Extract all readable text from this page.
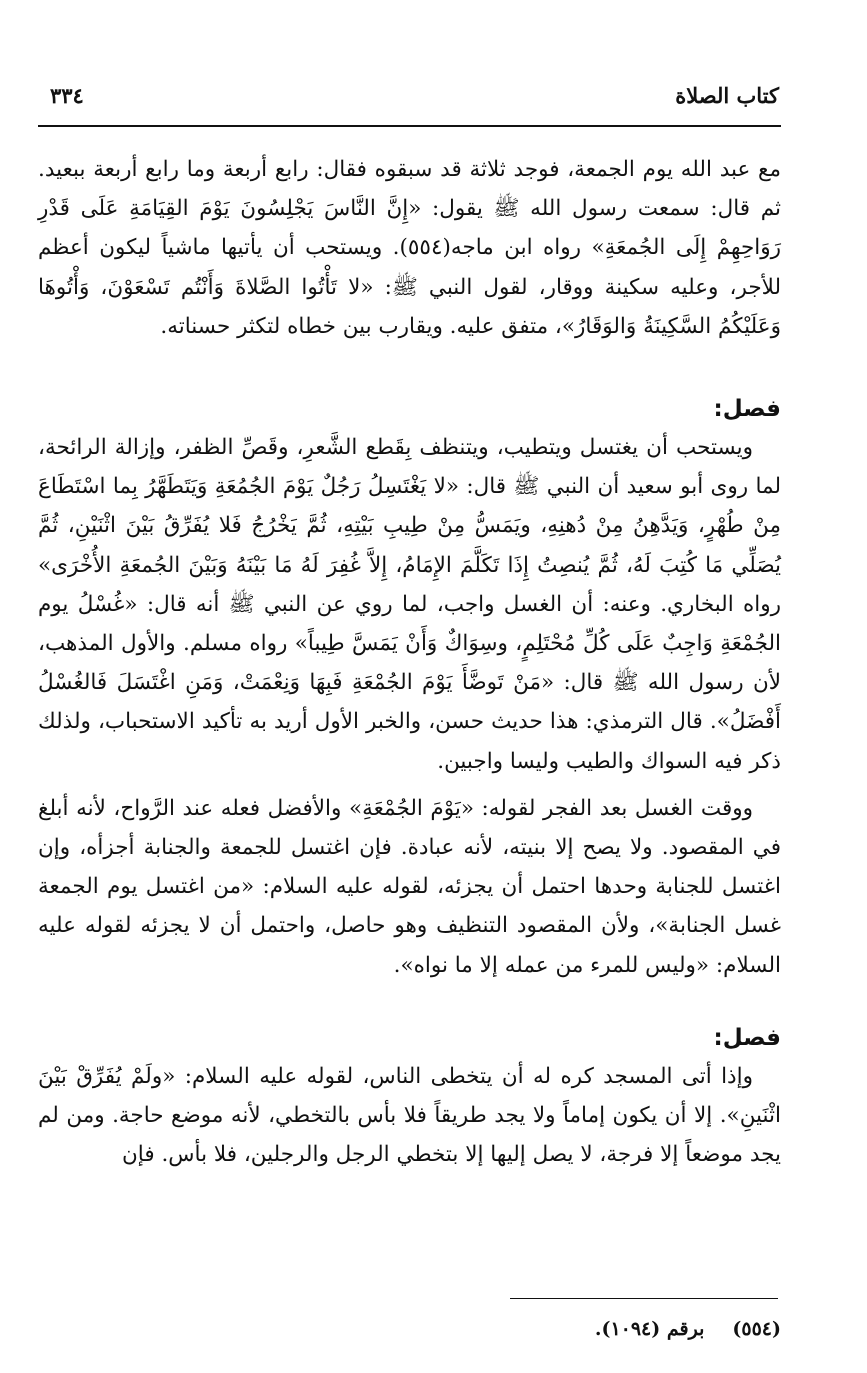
كتاب الصلاة
٣٣٤

مع عبد الله يوم الجمعة، فوجد ثلاثة قد سبقوه فقال: رابع أربعة وما رابع أربعة ببعيد. ثم قال: سمعت رسول الله ﷺ يقول: «إِنَّ النَّاسَ يَجْلِسُونَ يَوْمَ القِيَامَةِ عَلَى قَدْرِ رَوَاحِهِمْ إِلَى الجُمعَةِ» رواه ابن ماجه(٥٥٤). ويستحب أن يأتيها ماشياً ليكون أعظم للأجر، وعليه سكينة ووقار، لقول النبي ﷺ: «لا تَأْتُوا الصَّلاةَ وَأَنْتُم تَسْعَوْنَ، وَأْتُوهَا وَعَلَيْكُمُ السَّكِينَةُ وَالوَقَارُ»، متفق عليه. ويقارب بين خطاه لتكثر حسناته.

فصل:

ويستحب أن يغتسل ويتطيب، ويتنظف بِقَطع الشَّعرِ، وقَصِّ الظفر، وإزالة الرائحة، لما روى أبو سعيد أن النبي ﷺ قال: «لا يَغْتَسِلُ رَجُلٌ يَوْمَ الجُمُعَةِ وَيَتَطَهَّرُ بِما اسْتَطَاعَ مِنْ طُهْرٍ، وَيَدَّهِنُ مِنْ دُهنِهِ، ويَمَسُّ مِنْ طِيبِ بَيْتِهِ، ثُمَّ يَخْرُجُ فَلا يُفَرِّقُ بَيْنَ اثْنَيْنِ، ثُمَّ يُصَلِّي مَا كُتِبَ لَهُ، ثُمَّ يُنصِتُ إِذَا تَكَلَّمَ الإِمَامُ، إِلاَّ غُفِرَ لَهُ مَا بَيْنَهُ وَبَيْنَ الجُمعَةِ الأُخْرَى» رواه البخاري. وعنه: أن الغسل واجب، لما روي عن النبي ﷺ أنه قال: «غُسْلُ يوم الجُمْعَةِ وَاجِبٌ عَلَى كُلِّ مُحْتَلِمٍ، وسِوَاكٌ وَأَنْ يَمَسَّ طِيباً» رواه مسلم. والأول المذهب، لأن رسول الله ﷺ قال: «مَنْ تَوضَّأَ يَوْمَ الجُمْعَةِ فَبِهَا وَنِعْمَتْ، وَمَنِ اغْتَسَلَ فَالغُسْلُ أَفْضَلُ». قال الترمذي: هذا حديث حسن، والخبر الأول أريد به تأكيد الاستحباب، ولذلك ذكر فيه السواك والطيب وليسا واجبين.

ووقت الغسل بعد الفجر لقوله: «يَوْمَ الجُمْعَةِ» والأفضل فعله عند الرَّواح، لأنه أبلغ في المقصود. ولا يصح إلا بنيته، لأنه عبادة. فإن اغتسل للجمعة والجنابة أجزأه، وإن اغتسل للجنابة وحدها احتمل أن يجزئه، لقوله عليه السلام: «من اغتسل يوم الجمعة غسل الجنابة»، ولأن المقصود التنظيف وهو حاصل، واحتمل أن لا يجزئه لقوله عليه السلام: «وليس للمرء من عمله إلا ما نواه».

فصل:

وإذا أتى المسجد كره له أن يتخطى الناس، لقوله عليه السلام: «ولَمْ يُفَرِّقْ بَيْنَ اثْنَينِ». إلا أن يكون إماماً ولا يجد طريقاً فلا بأس بالتخطي، لأنه موضع حاجة. ومن لم يجد موضعاً إلا فرجة، لا يصل إليها إلا بتخطي الرجل والرجلين، فلا بأس. فإن

(٥٥٤)برقم (١٠٩٤).
